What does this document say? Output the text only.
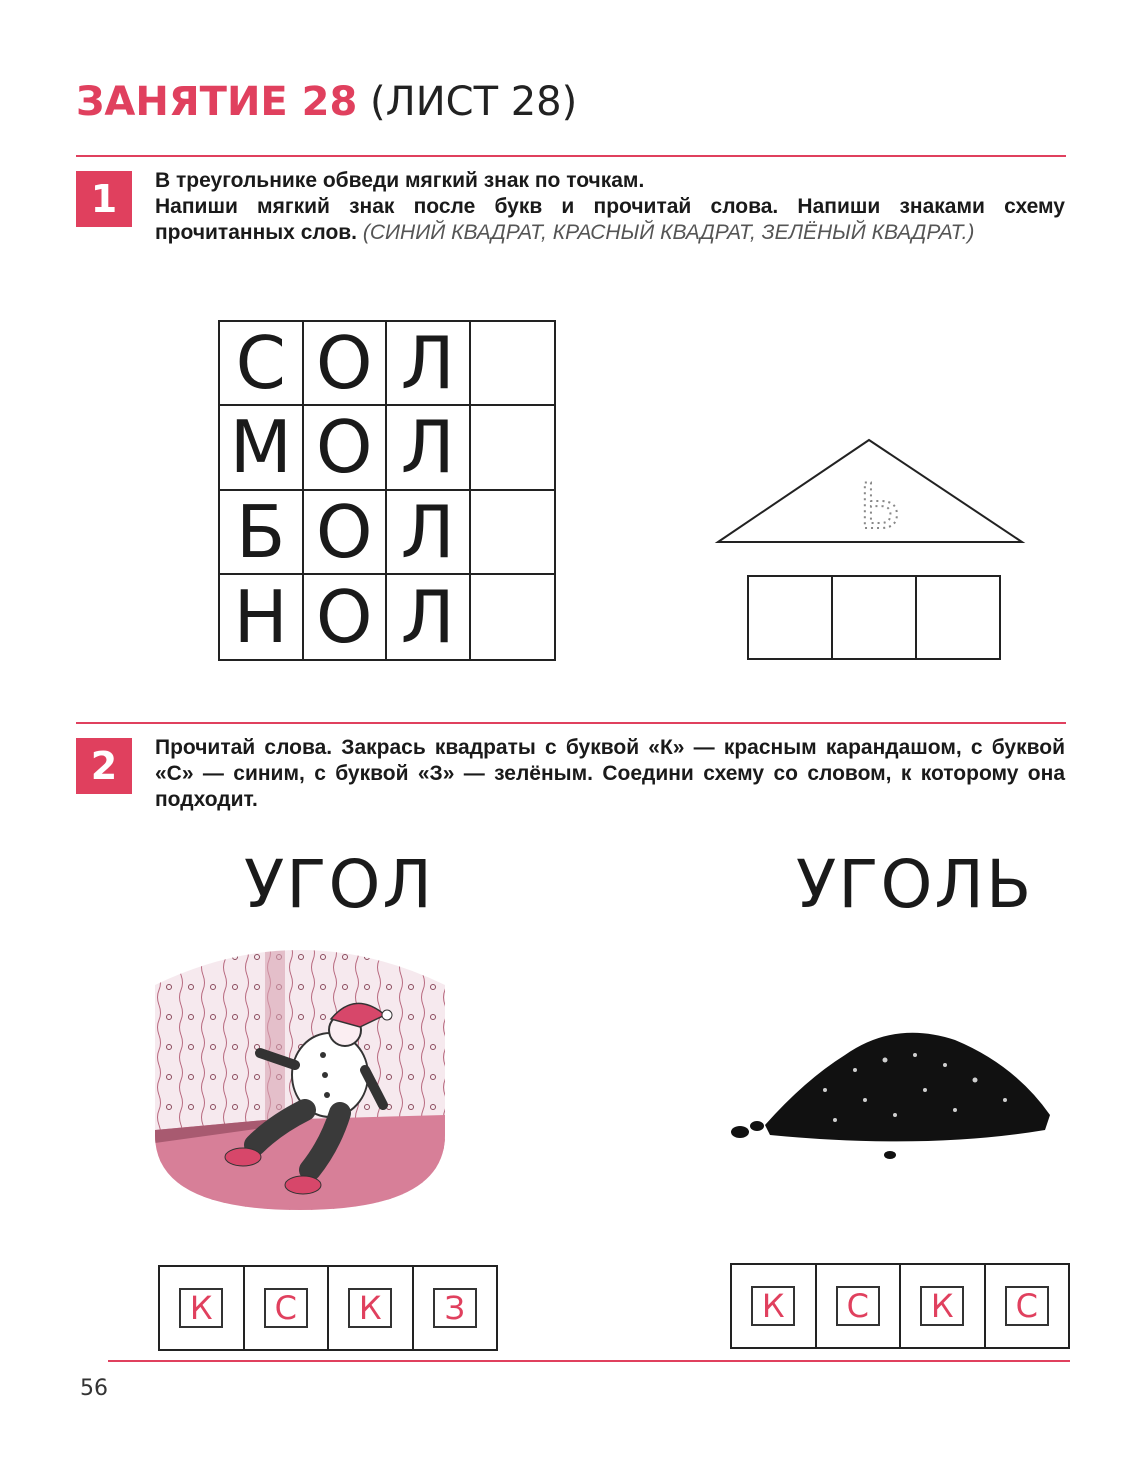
ЗАНЯТИЕ 28 (ЛИСТ 28)
1	В треугольнике обведи мягкий знак по точкам.
Напиши мягкий знак после букв и прочитай слова. Напиши знаками схему прочитанных слов. (СИНИЙ КВАДРАТ, КРАСНЫЙ КВАДРАТ, ЗЕЛЁНЫЙ КВАДРАТ.)
С О Л
М О Л
Б О Л
Н О Л
Ь
2	Прочитай слова. Закрась квадраты с буквой «К» — красным карандашом, с буквой «С» — синим, с буквой «З» — зелёным. Соедини схему со словом, к которому она подходит.
УГОЛ	УГОЛЬ
К	С	К	З	К	С	К	С
56
